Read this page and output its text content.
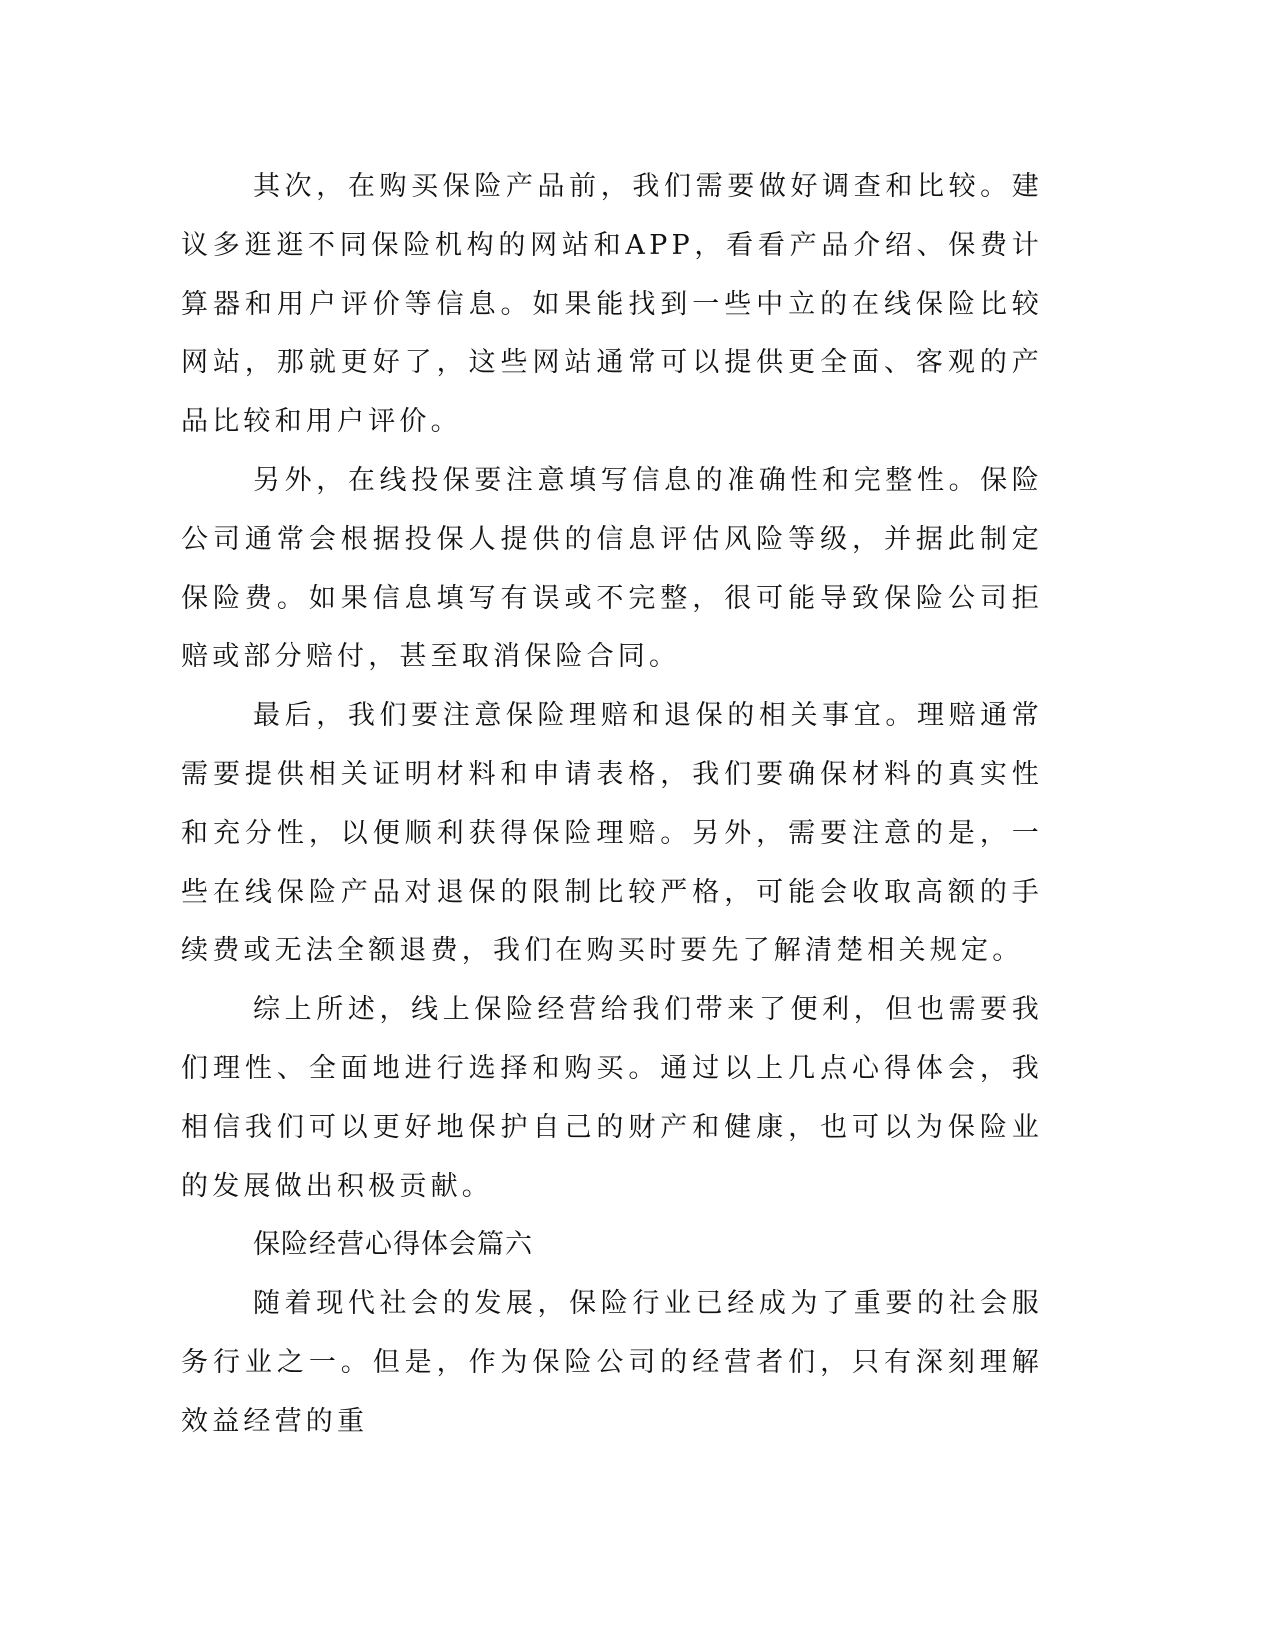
其次，在购买保险产品前，我们需要做好调查和比较。建议多逛逛不同保险机构的网站和APP，看看产品介绍、保费计算器和用户评价等信息。如果能找到一些中立的在线保险比较网站，那就更好了，这些网站通常可以提供更全面、客观的产品比较和用户评价。

另外，在线投保要注意填写信息的准确性和完整性。保险公司通常会根据投保人提供的信息评估风险等级，并据此制定保险费。如果信息填写有误或不完整，很可能导致保险公司拒赔或部分赔付，甚至取消保险合同。

最后，我们要注意保险理赔和退保的相关事宜。理赔通常需要提供相关证明材料和申请表格，我们要确保材料的真实性和充分性，以便顺利获得保险理赔。另外，需要注意的是，一些在线保险产品对退保的限制比较严格，可能会收取高额的手续费或无法全额退费，我们在购买时要先了解清楚相关规定。

综上所述，线上保险经营给我们带来了便利，但也需要我们理性、全面地进行选择和购买。通过以上几点心得体会，我相信我们可以更好地保护自己的财产和健康，也可以为保险业的发展做出积极贡献。

保险经营心得体会篇六

随着现代社会的发展，保险行业已经成为了重要的社会服务行业之一。但是，作为保险公司的经营者们，只有深刻理解效益经营的重
